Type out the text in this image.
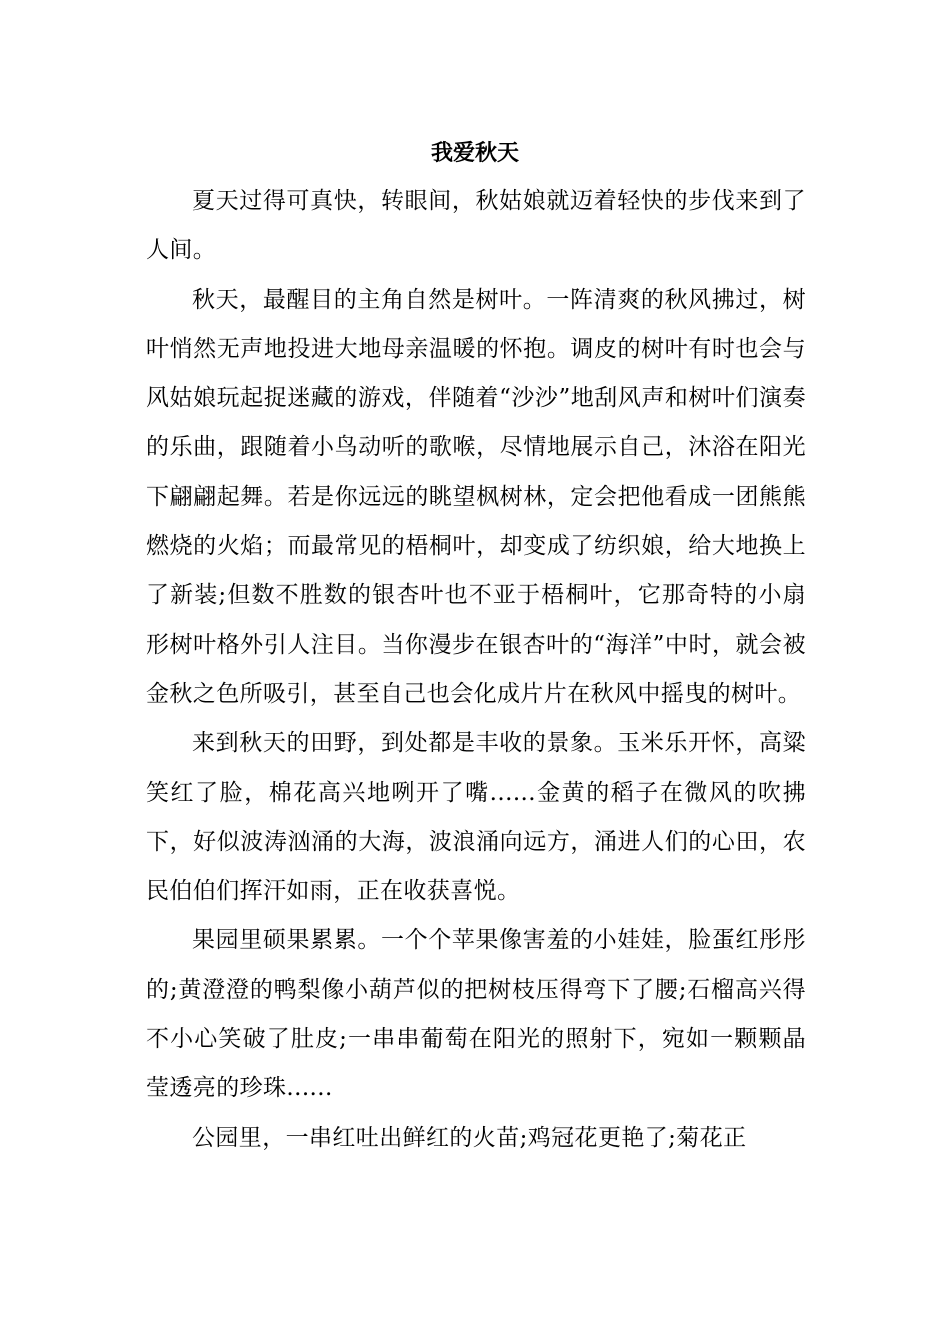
我爱秋天

夏天过得可真快，转眼间，秋姑娘就迈着轻快的步伐来到了人间。

秋天，最醒目的主角自然是树叶。一阵清爽的秋风拂过，树叶悄然无声地投进大地母亲温暖的怀抱。调皮的树叶有时也会与风姑娘玩起捉迷藏的游戏，伴随着“沙沙”地刮风声和树叶们演奏的乐曲，跟随着小鸟动听的歌喉，尽情地展示自己，沐浴在阳光下翩翩起舞。若是你远远的眺望枫树林，定会把他看成一团熊熊燃烧的火焰；而最常见的梧桐叶，却变成了纺织娘，给大地换上了新装;但数不胜数的银杏叶也不亚于梧桐叶，它那奇特的小扇形树叶格外引人注目。当你漫步在银杏叶的“海洋”中时，就会被金秋之色所吸引，甚至自己也会化成片片在秋风中摇曳的树叶。

来到秋天的田野，到处都是丰收的景象。玉米乐开怀，高粱笑红了脸，棉花高兴地咧开了嘴......金黄的稻子在微风的吹拂下，好似波涛汹涌的大海，波浪涌向远方，涌进人们的心田，农民伯伯们挥汗如雨，正在收获喜悦。

果园里硕果累累。一个个苹果像害羞的小娃娃，脸蛋红彤彤的;黄澄澄的鸭梨像小葫芦似的把树枝压得弯下了腰;石榴高兴得不小心笑破了肚皮;一串串葡萄在阳光的照射下，宛如一颗颗晶莹透亮的珍珠......

公园里，一串红吐出鲜红的火苗;鸡冠花更艳了;菊花正
